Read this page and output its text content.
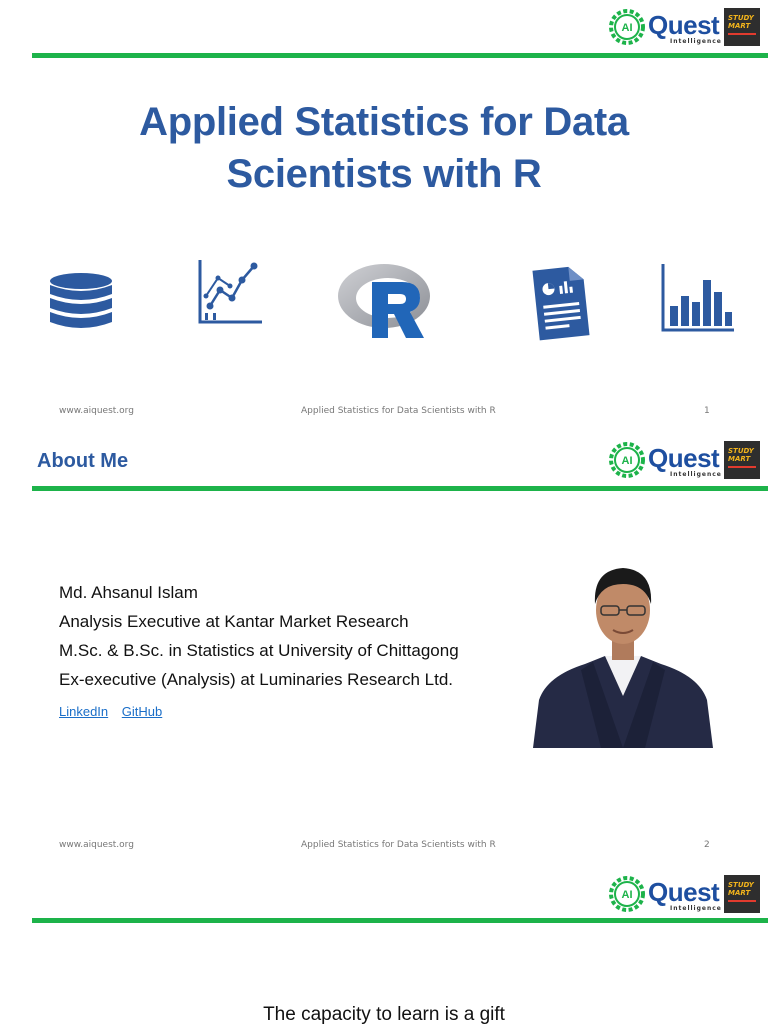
AI Quest
Intelligence
STUDY
MART
Applied Statistics for Data
Scientists with R
www.aiquest.org	Applied Statistics for Data Scientists with R	1
About Me	AI Quest
Intelligence
STUDY
MART
Md. Ahsanul Islam
Analysis Executive at Kantar Market Research
M.Sc. & B.Sc. in Statistics at University of Chittagong
Ex-executive (Analysis) at Luminaries Research Ltd.
LinkedIn GitHub
www.aiquest.org	Applied Statistics for Data Scientists with R	2
AI Quest
Intelligence
STUDY
MART
The capacity to learn is a gift
